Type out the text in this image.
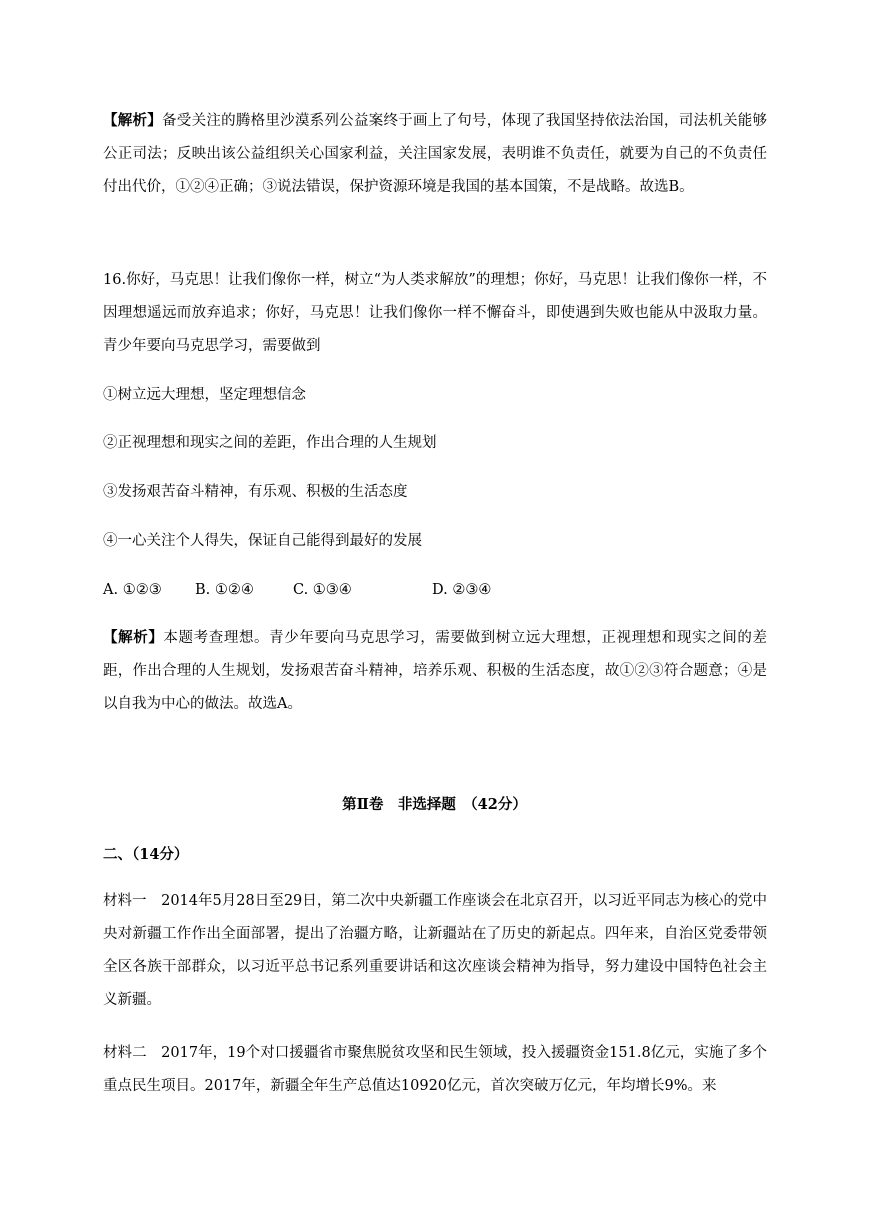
【解析】备受关注的腾格里沙漠系列公益案终于画上了句号，体现了我国坚持依法治国，司法机关能够公正司法；反映出该公益组织关心国家利益，关注国家发展，表明谁不负责任，就要为自己的不负责任付出代价，①②④正确；③说法错误，保护资源环境是我国的基本国策，不是战略。故选B。

16.你好，马克思！让我们像你一样，树立“为人类求解放”的理想；你好，马克思！让我们像你一样，不因理想遥远而放弃追求；你好，马克思！让我们像你一样不懈奋斗，即使遇到失败也能从中汲取力量。青少年要向马克思学习，需要做到

①树立远大理想，坚定理想信念

②正视理想和现实之间的差距，作出合理的人生规划

③发扬艰苦奋斗精神，有乐观、积极的生活态度

④一心关注个人得失，保证自己能得到最好的发展

A. ①②③ B. ①②④	C. ①③④	D. ②③④

【解析】本题考查理想。青少年要向马克思学习，需要做到树立远大理想，正视理想和现实之间的差距，作出合理的人生规划，发扬艰苦奋斗精神，培养乐观、积极的生活态度，故①②③符合题意；④是以自我为中心的做法。故选A。

第Ⅱ卷　非选择题　（42分）

二、（14分）

材料一　2014年5月28日至29日，第二次中央新疆工作座谈会在北京召开，以习近平同志为核心的党中央对新疆工作作出全面部署，提出了治疆方略，让新疆站在了历史的新起点。四年来，自治区党委带领全区各族干部群众，以习近平总书记系列重要讲话和这次座谈会精神为指导，努力建设中国特色社会主义新疆。

材料二　2017年，19个对口援疆省市聚焦脱贫攻坚和民生领域，投入援疆资金151.8亿元，实施了多个重点民生项目。2017年，新疆全年生产总值达10920亿元，首次突破万亿元，年均增长9%。来
